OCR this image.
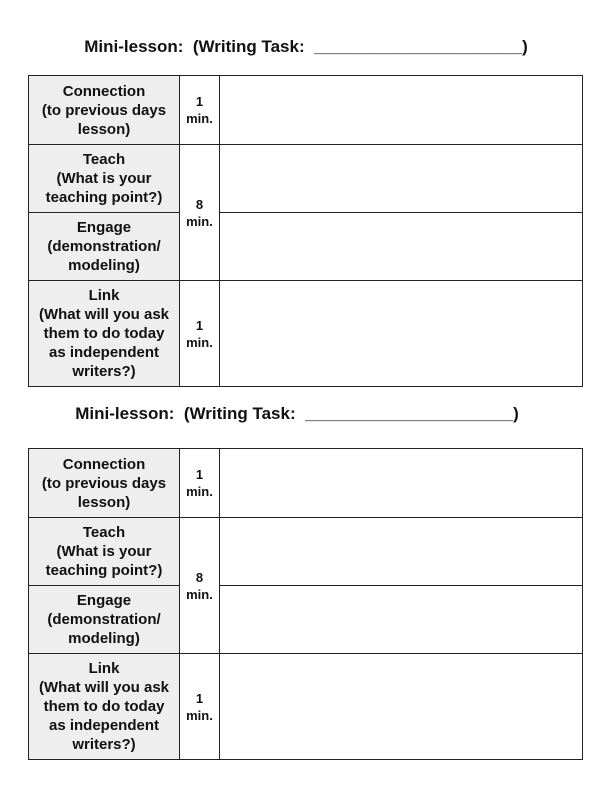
Mini-lesson:  (Writing Task:  ______________________)
Connection
(to previous days
lesson)
1
min.
Teach
(What is your
teaching point?)	8
min.
Engage
(demonstration/
modeling)
Link
(What will you ask
them to do today
as independent
writers?)
1
min.
Mini-lesson:  (Writing Task:  ______________________)
Connection
(to previous days
lesson)
1
min.
Teach
(What is your
teaching point?)	8
min.
Engage
(demonstration/
modeling)
Link
(What will you ask
them to do today
as independent
writers?)
1
min.
